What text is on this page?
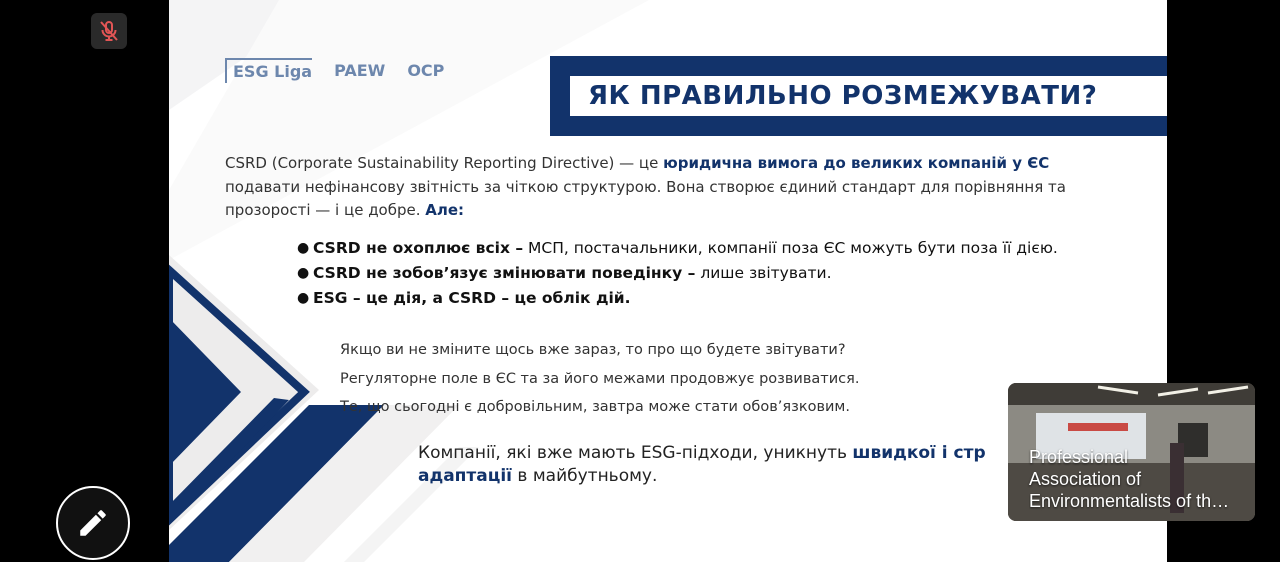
ESG Liga PAEW OCP
ЯК ПРАВИЛЬНО РОЗМЕЖУВАТИ?
CSRD (Corporate Sustainability Reporting Directive) — це юридична вимога до великих компаній у ЄС
подавати нефінансову звітність за чіткою структурою. Вона створює єдиний стандарт для порівняння та
прозорості — і це добре. Але:
● CSRD не охоплює всіх – МСП, постачальники, компанії поза ЄС можуть бути поза її дією.
● CSRD не зобов’язує змінювати поведінку – лише звітувати.
● ESG – це дія, а CSRD – це облік дій.
Якщо ви не зміните щось вже зараз, то про що будете звітувати?
Регуляторне поле в ЄС та за його межами продовжує розвиватися.
Те, що сьогодні є добровільним, завтра може стати обов’язковим.
Компанії, які вже мають ESG-підходи, уникнуть швидкої і стр
адаптації в майбутньому.
Professional
Association of
Environmentalists of th…
